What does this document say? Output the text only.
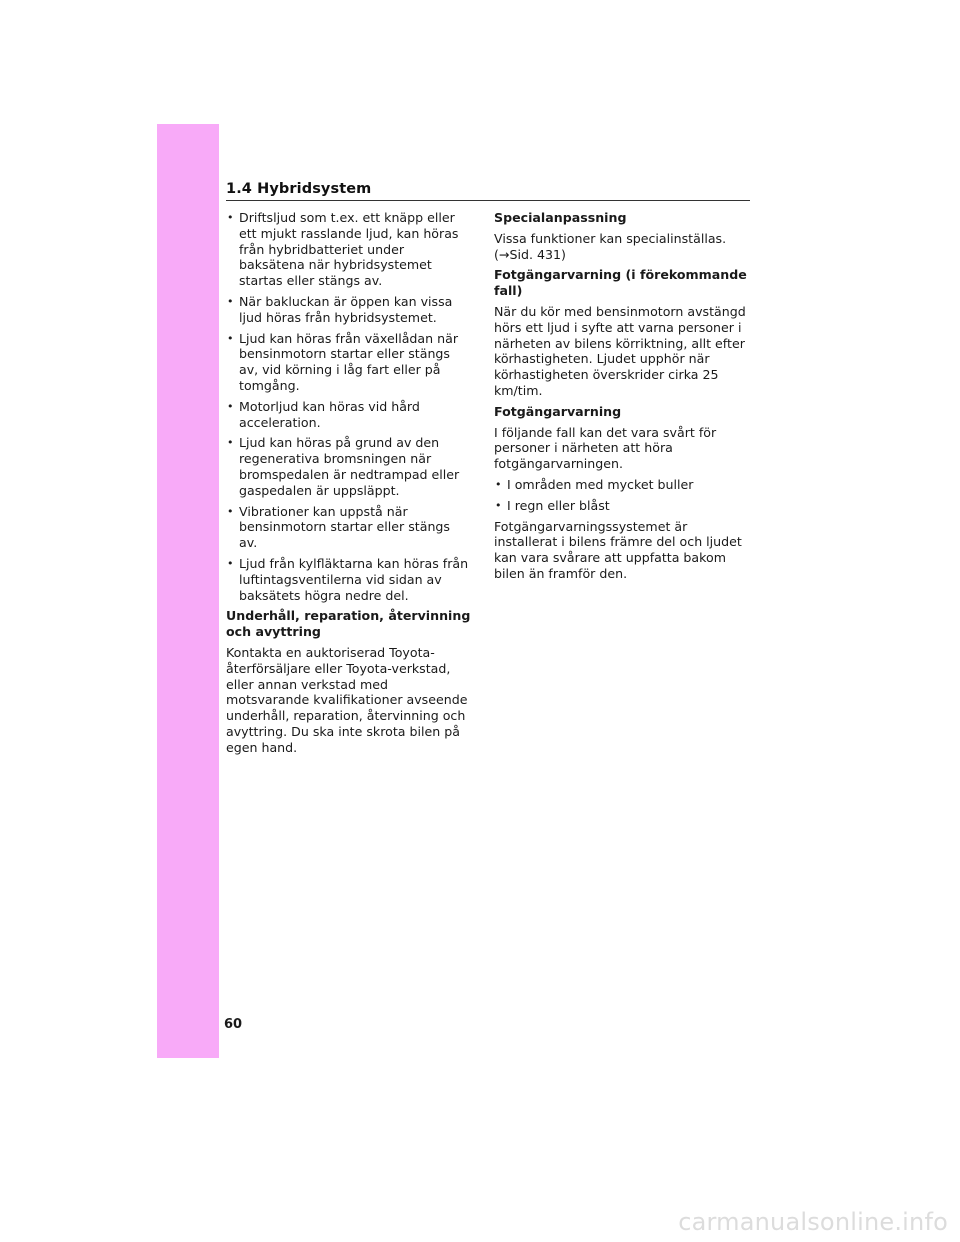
1.4 Hybridsystem
• Driftsljud som t.ex. ett knäpp eller ett mjukt rasslande ljud, kan höras från hybridbatteriet under baksätena när hybridsystemet startas eller stängs av.
• När bakluckan är öppen kan vissa ljud höras från hybridsystemet.
• Ljud kan höras från växellådan när bensinmotorn startar eller stängs av, vid körning i låg fart eller på tomgång.
• Motorljud kan höras vid hård acceleration.
• Ljud kan höras på grund av den regenerativa bromsningen när bromspedalen är nedtrampad eller gaspedalen är uppsläppt.
• Vibrationer kan uppstå när bensinmotorn startar eller stängs av.
• Ljud från kylfläktarna kan höras från luftintagsventilerna vid sidan av baksätets högra nedre del.

Underhåll, reparation, återvinning och avyttring

Kontakta en auktoriserad Toyota-återförsäljare eller Toyota-verkstad, eller annan verkstad med motsvarande kvalifikationer avseende underhåll, reparation, återvinning och avyttring. Du ska inte skrota bilen på egen hand.

Specialanpassning

Vissa funktioner kan specialinställas. (→Sid. 431)

Fotgängarvarning (i förekommande fall)

När du kör med bensinmotorn avstängd hörs ett ljud i syfte att varna personer i närheten av bilens körriktning, allt efter körhastigheten. Ljudet upphör när körhastigheten överskrider cirka 25 km/tim.

Fotgängarvarning

I följande fall kan det vara svårt för personer i närheten att höra fotgängarvarningen.

• I områden med mycket buller
• I regn eller blåst

Fotgängarvarningssystemet är installerat i bilens främre del och ljudet kan vara svårare att uppfatta bakom bilen än framför den.

60
carmanualsonline.info
